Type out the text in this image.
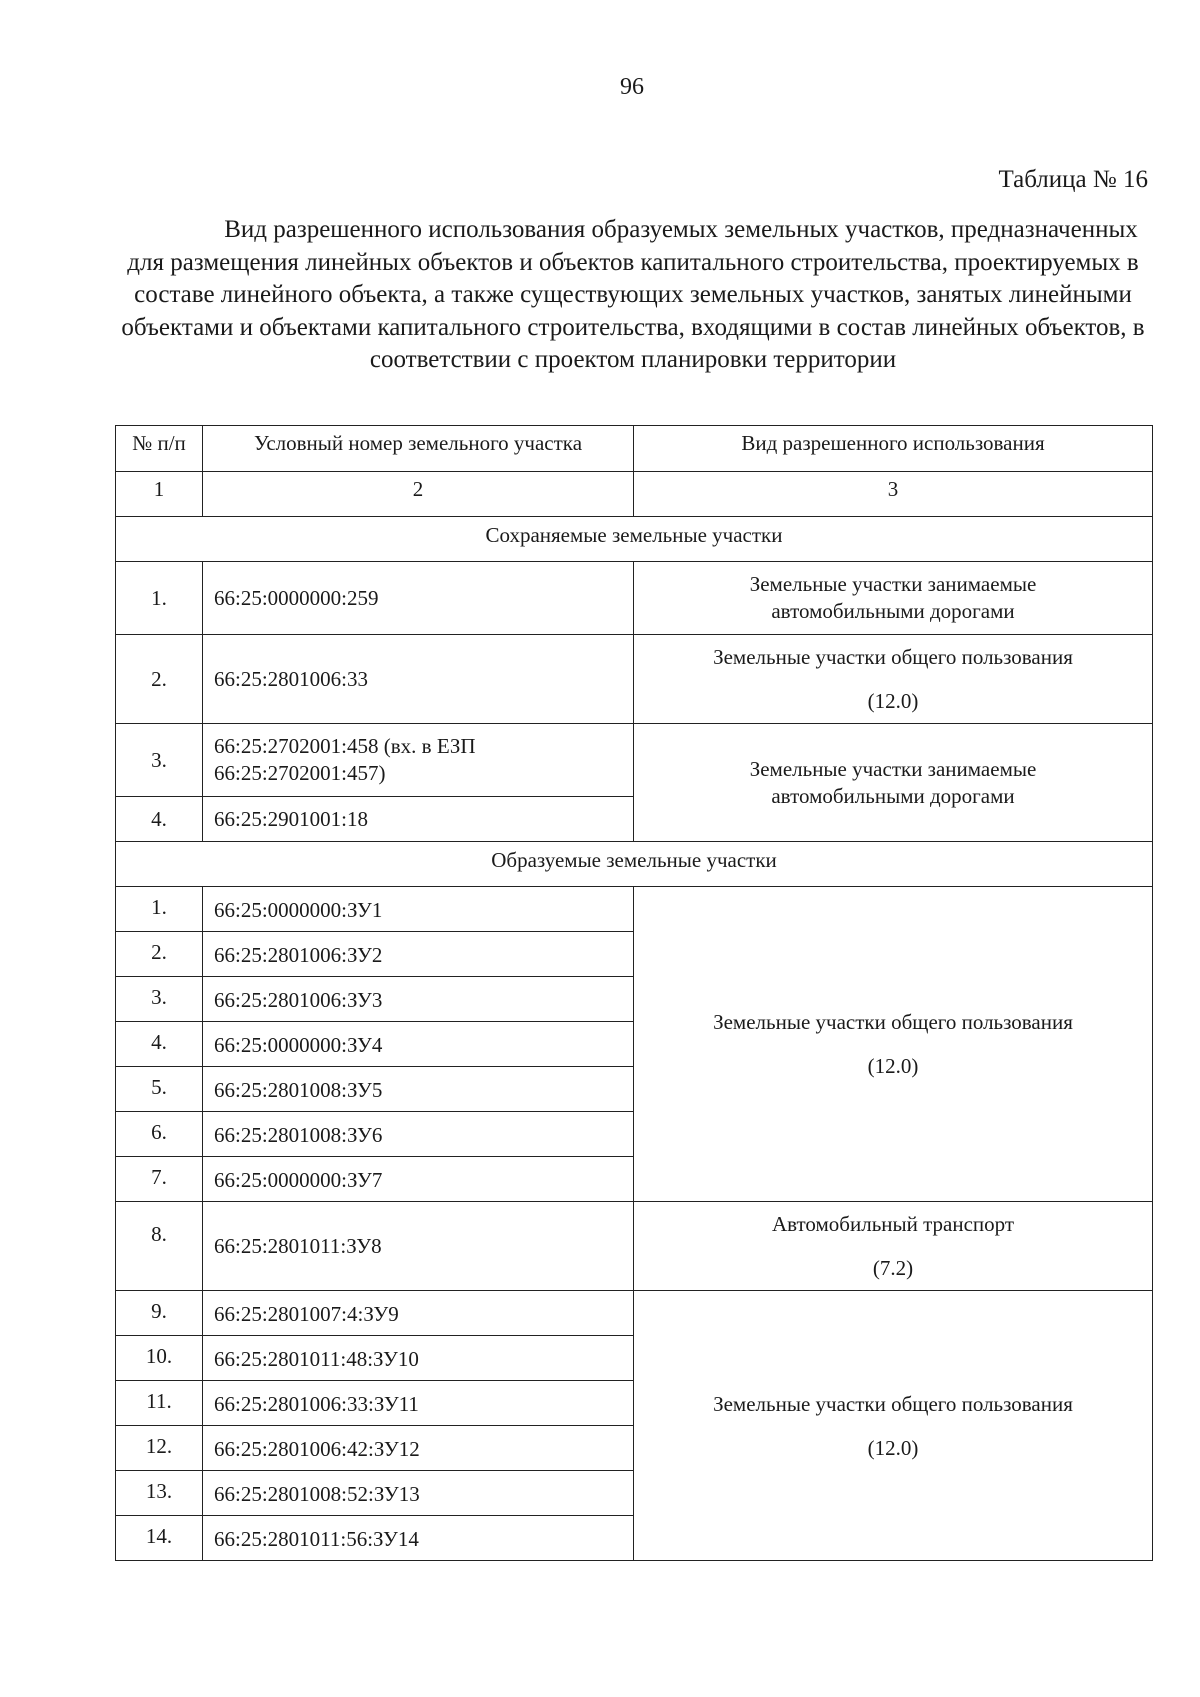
96
Таблица № 16
Вид разрешенного использования образуемых земельных участков, предназначенных для размещения линейных объектов и объектов капитального строительства, проектируемых в составе линейного объекта, а также существующих земельных участков, занятых линейными объектами и объектами капитального строительства, входящими в состав линейных объектов, в соответствии с проектом планировки территории
№ п/п	Условный номер земельного участка	Вид разрешенного использования
1	2	3
Сохраняемые земельные участки		
1.	66:25:0000000:259	Земельные участки занимаемые автомобильными дорогами
2.	66:25:2801006:33	Земельные участки общего пользования
(12.0)

3.	66:25:2702001:458 (вх. в ЕЗП
66:25:2702001:457)	Земельные участки занимаемые автомобильными дорогами
4.	66:25:2901001:18	
Образуемые земельные участки		
1.	66:25:0000000:ЗУ1	Земельные участки общего пользования
(12.0)

2.	66:25:2801006:ЗУ2	
3.	66:25:2801006:ЗУ3	
4.	66:25:0000000:ЗУ4	
5.	66:25:2801008:ЗУ5	
6.	66:25:2801008:ЗУ6	
7.	66:25:0000000:ЗУ7	
8.	66:25:2801011:ЗУ8	Автомобильный транспорт
(7.2)

9.	66:25:2801007:4:ЗУ9	Земельные участки общего пользования
(12.0)

10.	66:25:2801011:48:ЗУ10	
11.	66:25:2801006:33:ЗУ11	
12.	66:25:2801006:42:ЗУ12	
13.	66:25:2801008:52:ЗУ13	
14.	66:25:2801011:56:ЗУ14	
